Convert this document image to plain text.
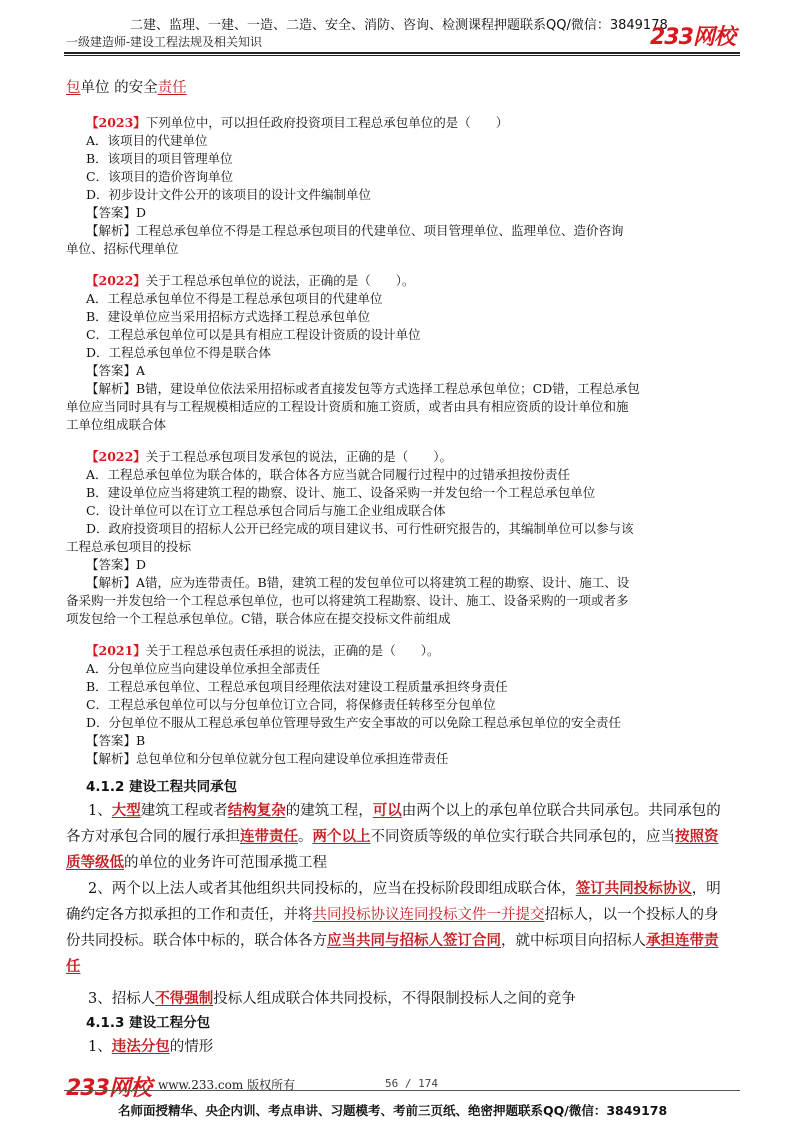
二建、监理、一建、一造、二造、安全、消防、咨询、检测课程押题联系QQ/微信：3849178
一级建造师-建设工程法规及相关知识	233网校
包单位 的安全责任
【2023】下列单位中，可以担任政府投资项目工程总承包单位的是（　　）
A．该项目的代建单位
B．该项目的项目管理单位
C．该项目的造价咨询单位
D．初步设计文件公开的该项目的设计文件编制单位
【答案】D
【解析】工程总承包单位不得是工程总承包项目的代建单位、项目管理单位、监理单位、造价咨询
单位、招标代理单位
【2022】关于工程总承包单位的说法，正确的是（　　）。
A．工程总承包单位不得是工程总承包项目的代建单位
B．建设单位应当采用招标方式选择工程总承包单位
C．工程总承包单位可以是具有相应工程设计资质的设计单位
D．工程总承包单位不得是联合体
【答案】A
【解析】B错，建设单位依法采用招标或者直接发包等方式选择工程总承包单位；CD错，工程总承包
单位应当同时具有与工程规模相适应的工程设计资质和施工资质，或者由具有相应资质的设计单位和施
工单位组成联合体
【2022】关于工程总承包项目发承包的说法，正确的是（　　）。
A．工程总承包单位为联合体的，联合体各方应当就合同履行过程中的过错承担按份责任
B．建设单位应当将建筑工程的勘察、设计、施工、设备采购一并发包给一个工程总承包单位
C．设计单位可以在订立工程总承包合同后与施工企业组成联合体
D．政府投资项目的招标人公开已经完成的项目建议书、可行性研究报告的，其编制单位可以参与该
工程总承包项目的投标
【答案】D
【解析】A错，应为连带责任。B错，建筑工程的发包单位可以将建筑工程的勘察、设计、施工、设
备采购一并发包给一个工程总承包单位，也可以将建筑工程勘察、设计、施工、设备采购的一项或者多
项发包给一个工程总承包单位。C错，联合体应在提交投标文件前组成
【2021】关于工程总承包责任承担的说法，正确的是（　　）。
A．分包单位应当向建设单位承担全部责任
B．工程总承包单位、工程总承包项目经理依法对建设工程质量承担终身责任
C．工程总承包单位可以与分包单位订立合同，将保修责任转移至分包单位
D．分包单位不服从工程总承包单位管理导致生产安全事故的可以免除工程总承包单位的安全责任
【答案】B
【解析】总包单位和分包单位就分包工程向建设单位承担连带责任
4.1.2 建设工程共同承包
1、大型建筑工程或者结构复杂的建筑工程，可以由两个以上的承包单位联合共同承包。共同承包的
各方对承包合同的履行承担连带责任。两个以上不同资质等级的单位实行联合共同承包的，应当按照资
质等级低的单位的业务许可范围承揽工程
2、两个以上法人或者其他组织共同投标的，应当在投标阶段即组成联合体，签订共同投标协议，明
确约定各方拟承担的工作和责任，并将共同投标协议连同投标文件一并提交招标人，以一个投标人的身
份共同投标。联合体中标的，联合体各方应当共同与招标人签订合同，就中标项目向招标人承担连带责
任
3、招标人不得强制投标人组成联合体共同投标，不得限制投标人之间的竞争
4.1.3 建设工程分包
1、违法分包的情形
233网校 www.233.com 版权所有	56 / 174
名师面授精华、央企内训、考点串讲、习题模考、考前三页纸、绝密押题联系QQ/微信：3849178
